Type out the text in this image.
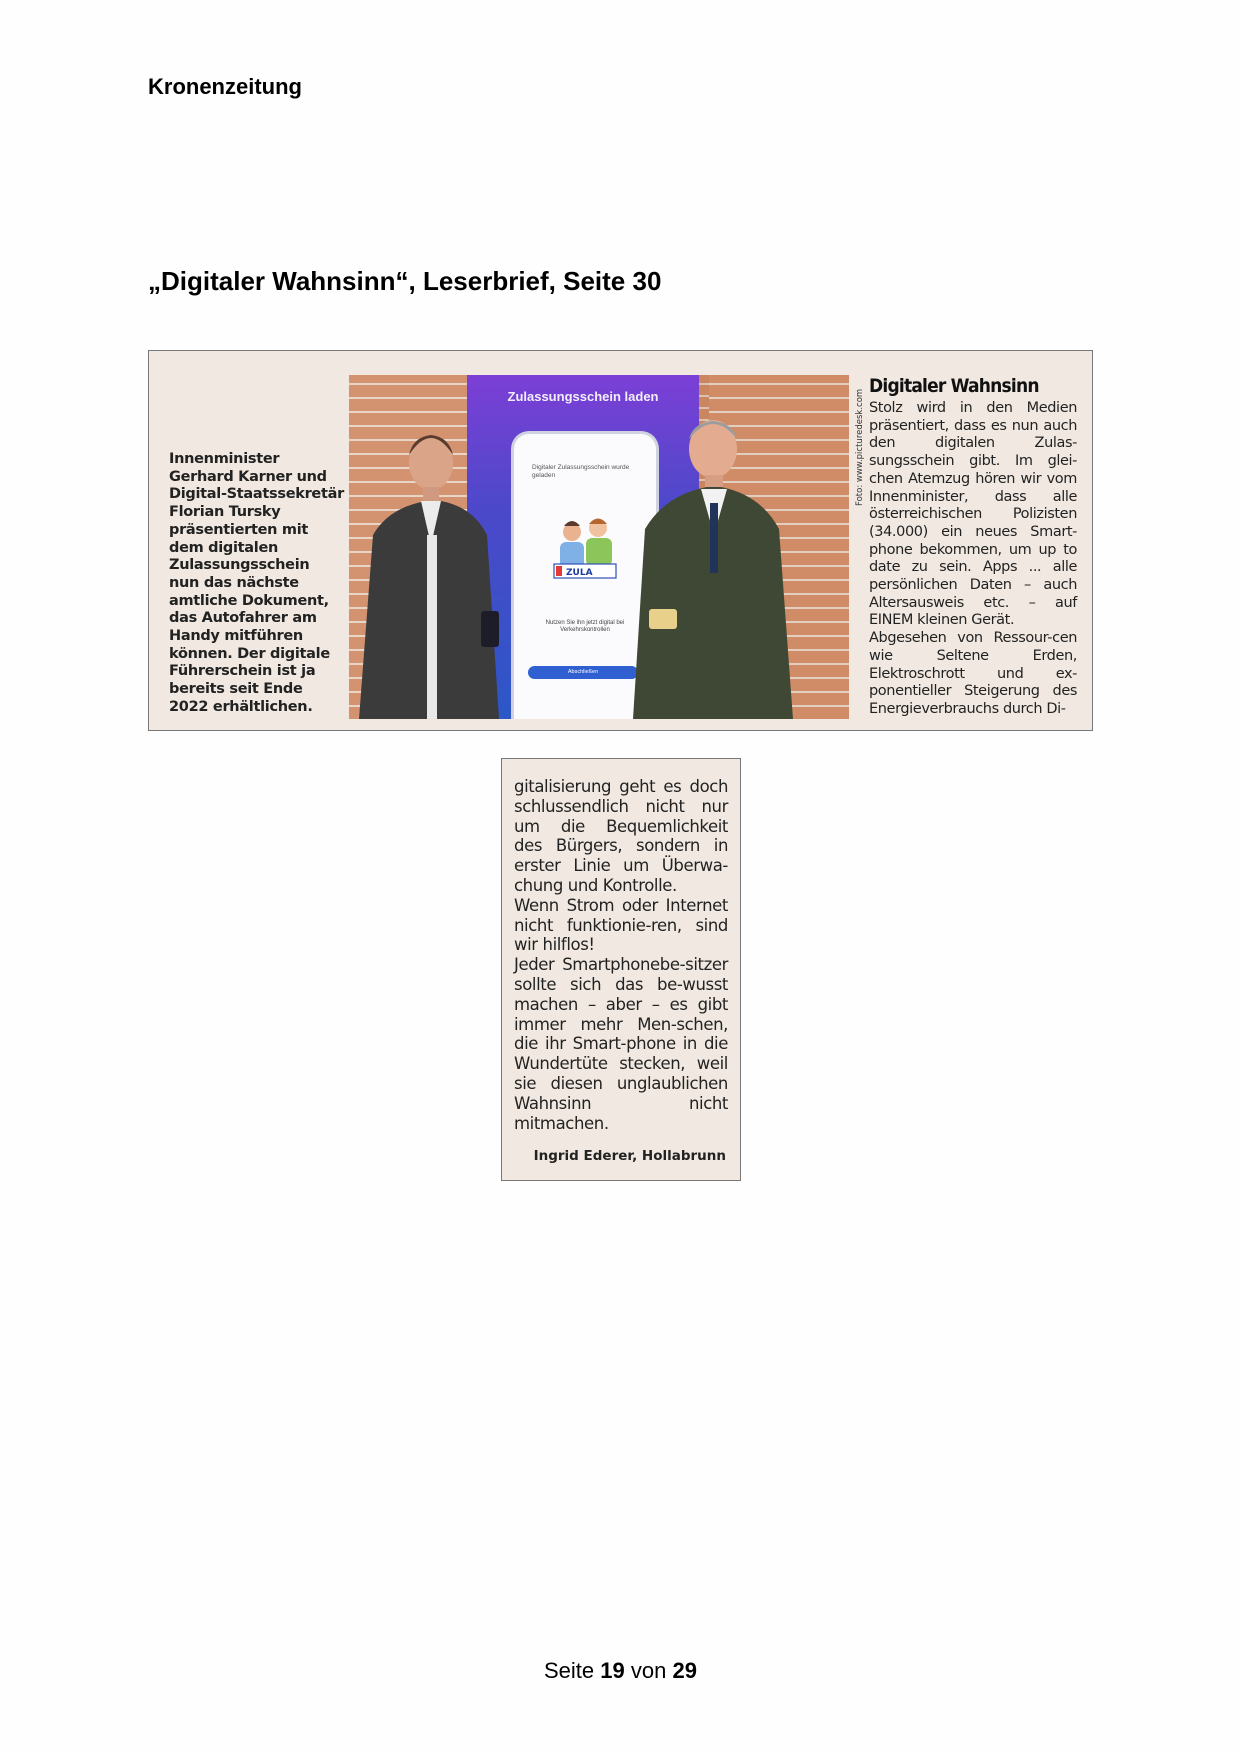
Kronenzeitung
„Digitaler Wahnsinn“, Leserbrief, Seite 30
Innenminister
Gerhard Karner und
Digital-Staatssekretär
Florian Tursky
präsentierten mit
dem digitalen
Zulassungsschein
nun das nächste
amtliche Dokument,
das Autofahrer am
Handy mitführen
können. Der digitale
Führerschein ist ja
bereits seit Ende
2022 erhältlichen.
Zulassungsschein laden
Digitaler Zulassungsschein wurde geladen
ZULA
Nutzen Sie ihn jetzt digital bei Verkehrskontrollen
Abschließen
Foto: www.picturedesk.com
Digitaler Wahnsinn
Stolz wird in den Medien präsentiert, dass es nun auch den digitalen Zulas-sungsschein gibt. Im glei-chen Atemzug hören wir vom Innenminister, dass alle österreichischen Polizisten (34.000) ein neues Smart-phone bekommen, um up to date zu sein. Apps ... alle persönlichen Daten – auch Altersausweis etc. – auf EINEM kleinen Gerät.
Abgesehen von Ressour-cen wie Seltene Erden, Elektroschrott und ex-ponentieller Steigerung des Energieverbrauchs durch Di-
gitalisierung geht es doch schlussendlich nicht nur um die Bequemlichkeit des Bürgers, sondern in erster Linie um Überwa-chung und Kontrolle.
Wenn Strom oder Internet nicht funktionie-ren, sind wir hilflos!
Jeder Smartphonebe-sitzer sollte sich das be-wusst machen – aber – es gibt immer mehr Men-schen, die ihr Smart-phone in die Wundertüte stecken, weil sie diesen unglaublichen Wahnsinn nicht mitmachen.
Ingrid Ederer, Hollabrunn
Seite 19 von 29
